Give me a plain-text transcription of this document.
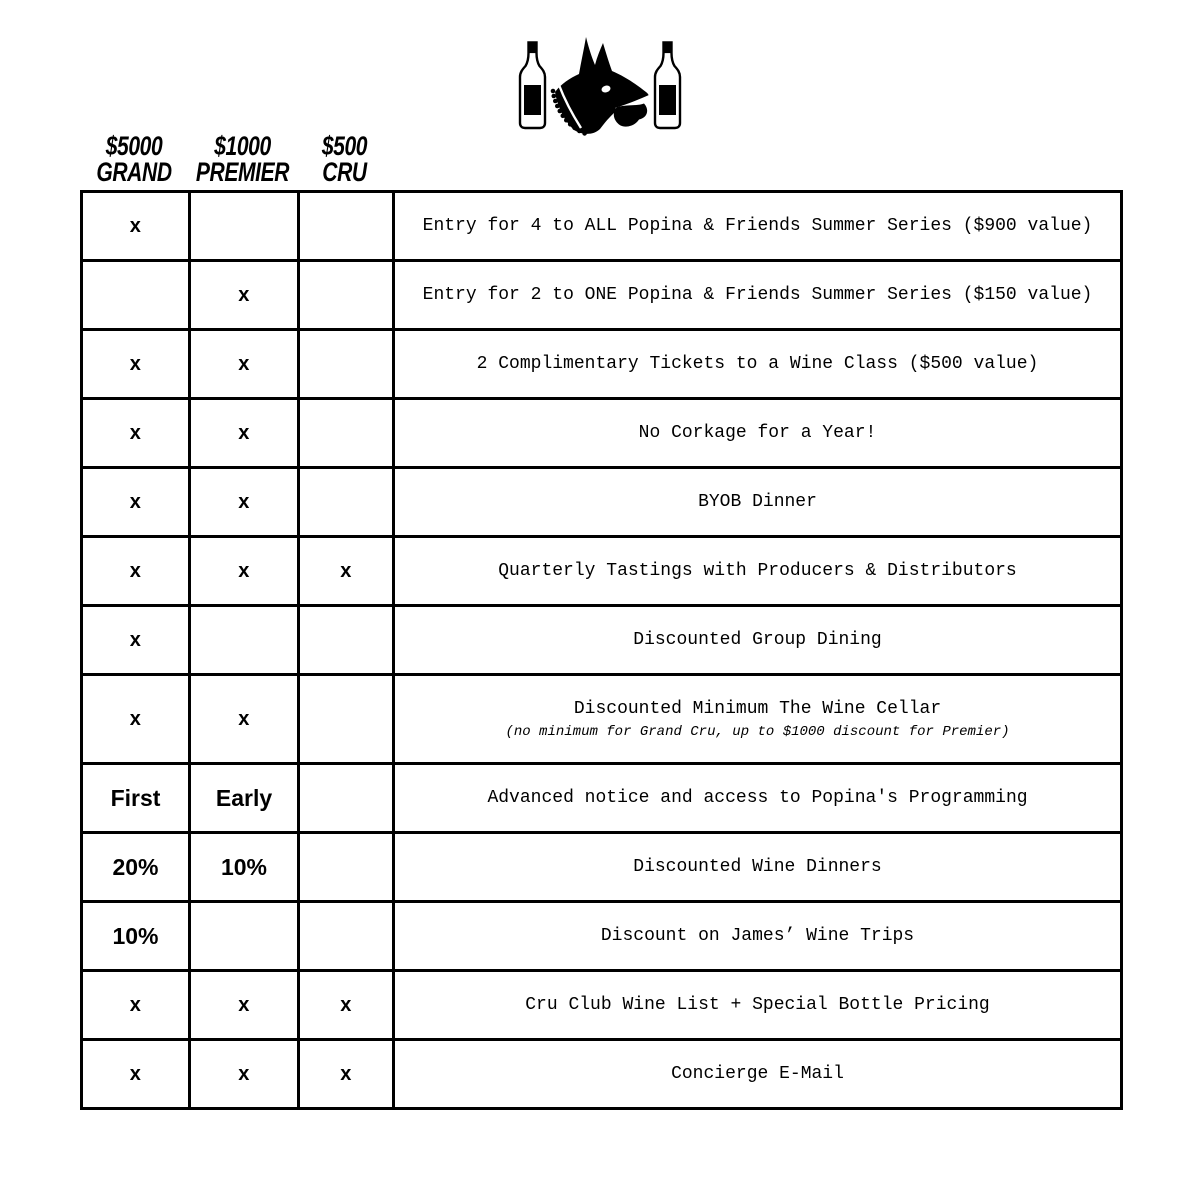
$5000
GRAND
$1000
PREMIER
$500
CRU
x			Entry for 4 to ALL Popina & Friends Summer Series ($900 value)
	x		Entry for 2 to ONE Popina & Friends Summer Series ($150 value)
x	x		2 Complimentary Tickets to a Wine Class ($500 value)
x	x		No Corkage for a Year!
x	x		BYOB Dinner
x	x	x	Quarterly Tastings with Producers & Distributors
x			Discounted Group Dining
x	x		Discounted Minimum The Wine Cellar
(no minimum for Grand Cru, up to $1000 discount for Premier)

First	Early		Advanced notice and access to Popina's Programming
20%	10%		Discounted Wine Dinners
10%			Discount on James’ Wine Trips
x	x	x	Cru Club Wine List + Special Bottle Pricing
x	x	x	Concierge E-Mail
